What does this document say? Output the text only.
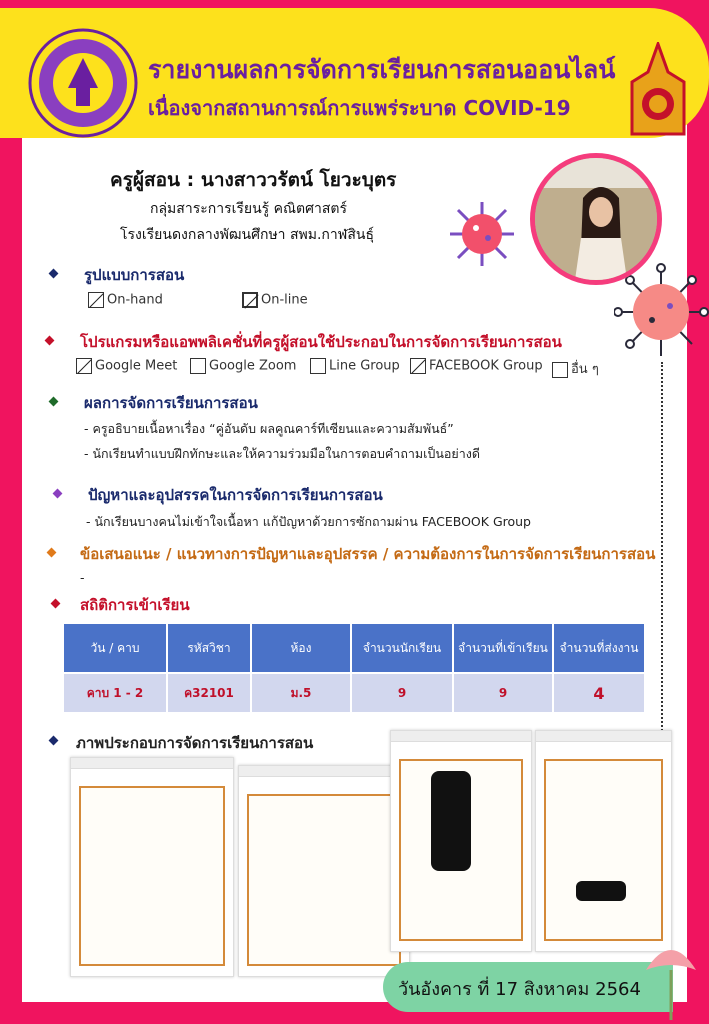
รายงานผลการจัดการเรียนการสอนออนไลน์
เนื่องจากสถานการณ์การแพร่ระบาด COVID-19
ครูผู้สอน : นางสาววรัตน์ โยวะบุตร
กลุ่มสาระการเรียนรู้ คณิตศาสตร์
โรงเรียนดงกลางพัฒนศึกษา สพม.กาฬสินธุ์
รูปแบบการสอน
On-hand	On-line
โปรแกรมหรือแอพพลิเคชั่นที่ครูผู้สอนใช้ประกอบในการจัดการเรียนการสอน
Google Meet	Google Zoom	Line Group	FACEBOOK Group	อื่น ๆ
ผลการจัดการเรียนการสอน
- ครูอธิบายเนื้อหาเรื่อง “คู่อันดับ ผลคูณคาร์ทีเซียนและความสัมพันธ์”
- นักเรียนทำแบบฝึกทักษะและให้ความร่วมมือในการตอบคำถามเป็นอย่างดี
ปัญหาและอุปสรรคในการจัดการเรียนการสอน
- นักเรียนบางคนไม่เข้าใจเนื้อหา แก้ปัญหาด้วยการซักถามผ่าน FACEBOOK Group
ข้อเสนอแนะ / แนวทางการปัญหาและอุปสรรค / ความต้องการในการจัดการเรียนการสอน
-
สถิติการเข้าเรียน
วัน / คาบ	รหัสวิชา	ห้อง	จำนวนนักเรียน	จำนวนที่เข้าเรียน	จำนวนที่ส่งงาน
คาบ 1 - 2	ค32101	ม.5	9	9	4
ภาพประกอบการจัดการเรียนการสอน
วันอังคาร ที่ 17 สิงหาคม 2564
